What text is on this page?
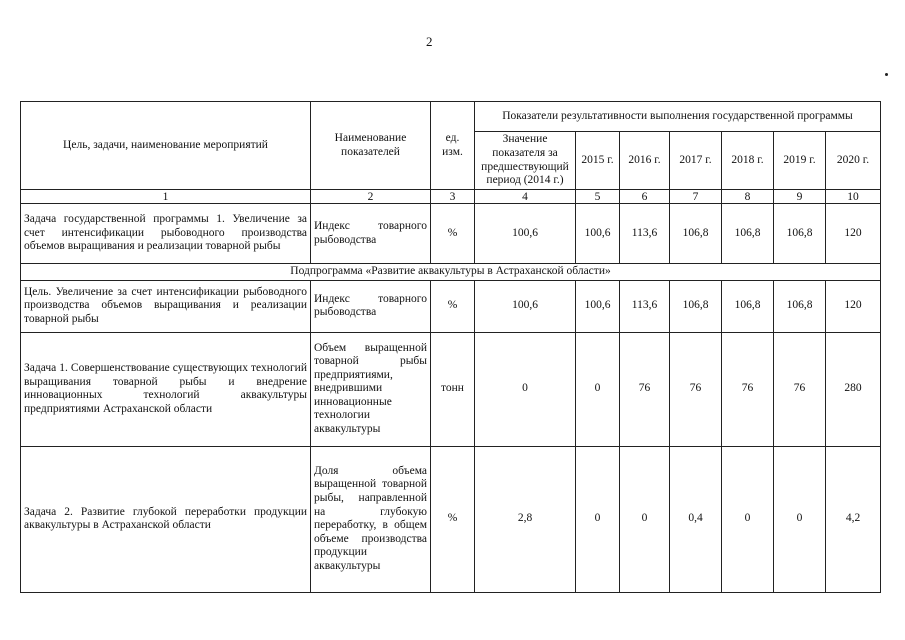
2
Цель, задачи, наименование мероприятий	Наименование показателей	ед. изм.	Показатели результативности выполнения государственной программы						
			Значение показателя за предшествующий период (2014 г.)	2015 г.	2016 г.	2017 г.	2018 г.	2019 г.	2020 г.
1	2	3	4	5	6	7	8	9	10
Задача государственной программы 1. Увеличение за счет интенсификации рыбоводного производства объемов выращивания и реализации товарной рыбы	Индекс товарного рыбоводства	%	100,6	100,6	113,6	106,8	106,8	106,8	120
Подпрограмма «Развитие аквакультуры в Астраханской области»									
Цель. Увеличение за счет интенсификации рыбоводного производства объемов выращивания и реализации товарной рыбы	Индекс товарного рыбоводства	%	100,6	100,6	113,6	106,8	106,8	106,8	120
Задача 1. Совершенствование существующих технологий выращивания товарной рыбы и внедрение инновационных технологий аквакультуры предприятиями Астраханской области	Объем выращенной товарной рыбы предприятиями, внедрившими инновационные технологии аквакультуры	тонн	0	0	76	76	76	76	280
Задача 2. Развитие глубокой переработки продукции аквакультуры в Астраханской области	Доля объема выращенной товарной рыбы, направленной на глубокую переработку, в общем объеме производства продукции аквакультуры	%	2,8	0	0	0,4	0	0	4,2
